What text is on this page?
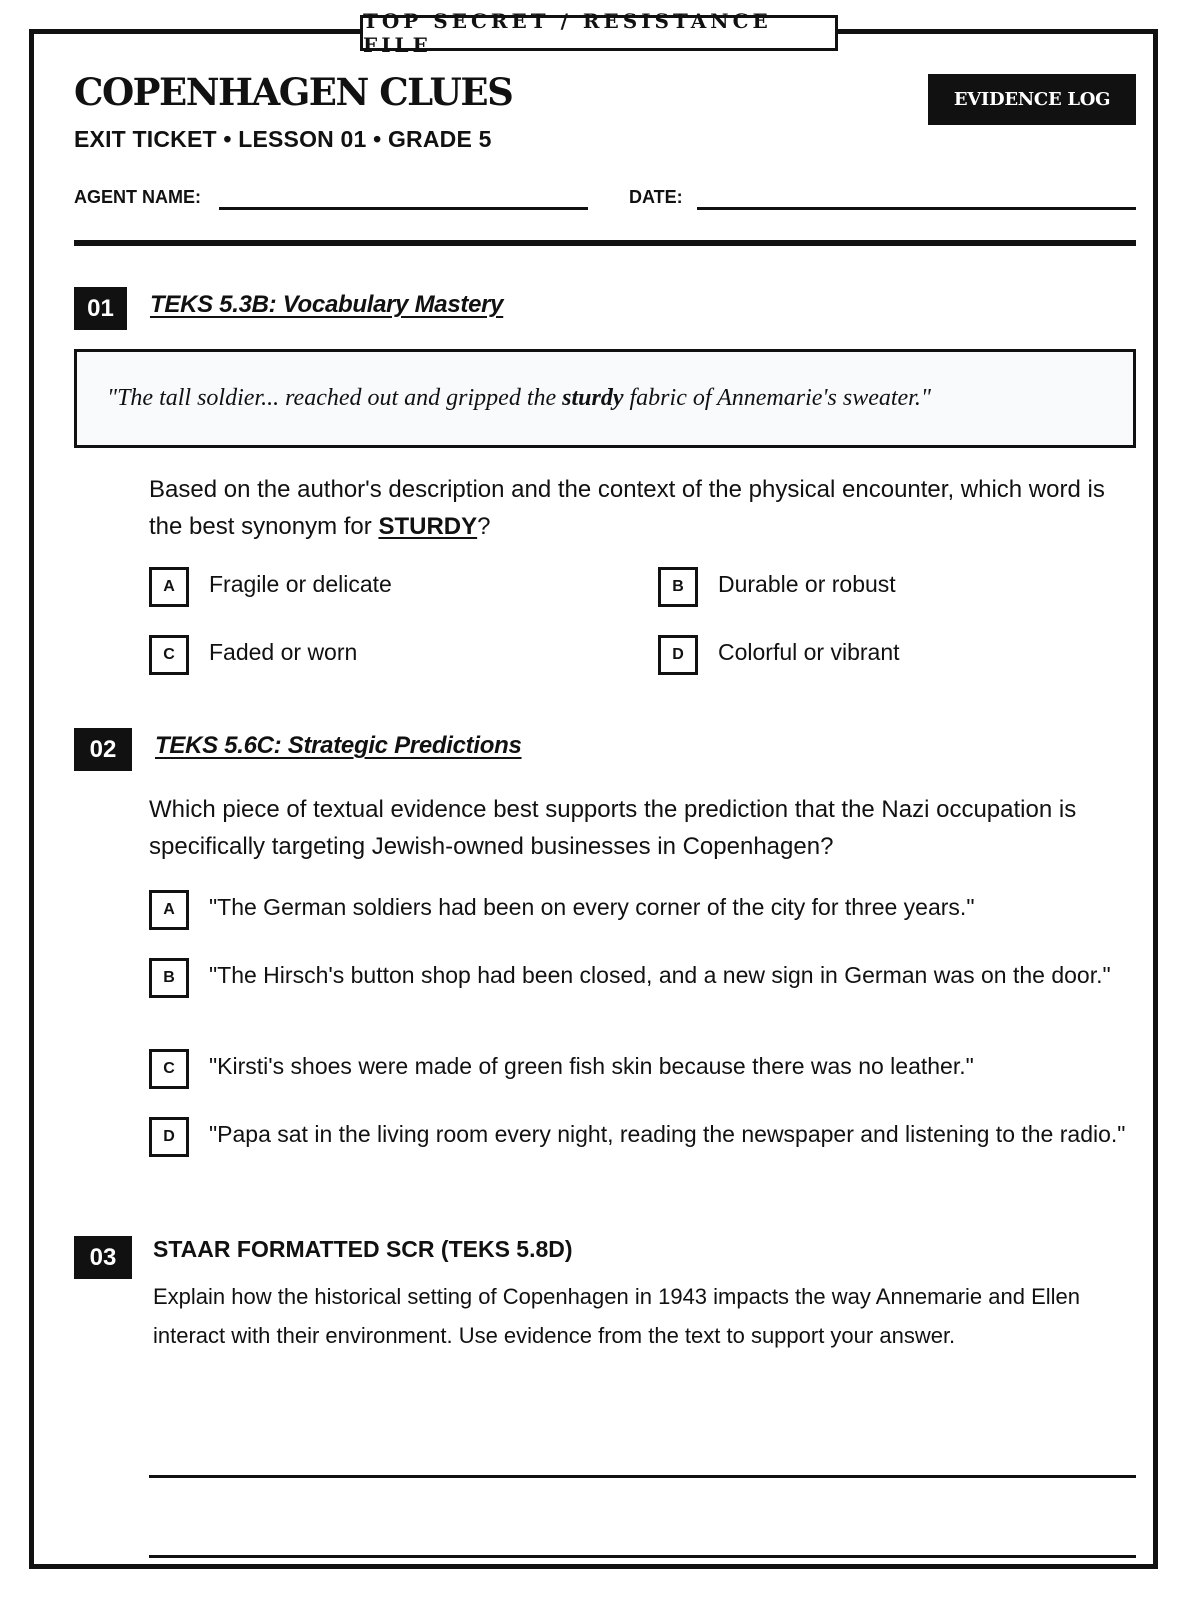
TOP SECRET / RESISTANCE FILE
COPENHAGEN CLUES
EXIT TICKET • LESSON 01 • GRADE 5
EVIDENCE LOG
AGENT NAME:	DATE:
01	TEKS 5.3B: Vocabulary Mastery
"The tall soldier... reached out and gripped the sturdy fabric of Annemarie's sweater."
Based on the author's description and the context of the physical encounter, which word is the best synonym for STURDY?
A	Fragile or delicate	B	Durable or robust
C	Faded or worn	D	Colorful or vibrant
02	TEKS 5.6C: Strategic Predictions
Which piece of textual evidence best supports the prediction that the Nazi occupation is specifically targeting Jewish-owned businesses in Copenhagen?
A	"The German soldiers had been on every corner of the city for three years."
B	"The Hirsch's button shop had been closed, and a new sign in German was on the door."
C	"Kirsti's shoes were made of green fish skin because there was no leather."
D	"Papa sat in the living room every night, reading the newspaper and listening to the radio."
03	STAAR FORMATTED SCR (TEKS 5.8D)
Explain how the historical setting of Copenhagen in 1943 impacts the way Annemarie and Ellen interact with their environment. Use evidence from the text to support your answer.
